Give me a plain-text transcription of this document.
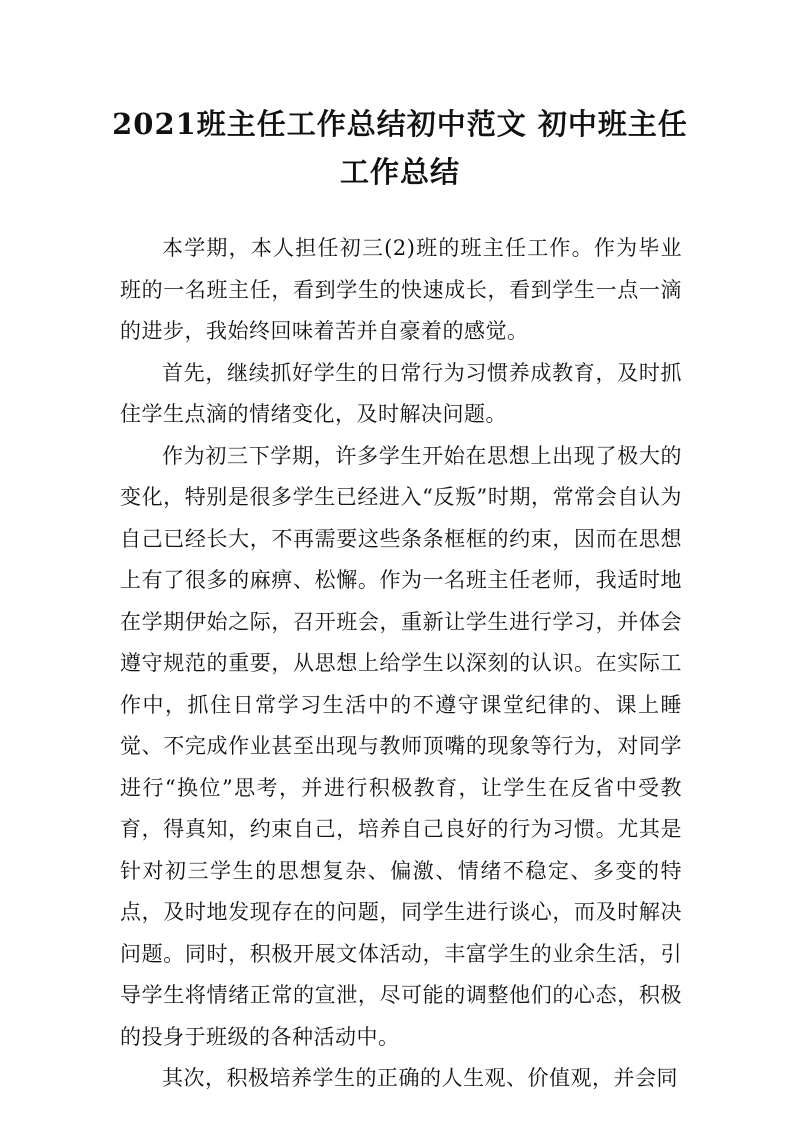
2021班主任工作总结初中范文 初中班主任
工作总结

本学期，本人担任初三(2)班的班主任工作。作为毕业班的一名班主任，看到学生的快速成长，看到学生一点一滴的进步，我始终回味着苦并自豪着的感觉。

首先，继续抓好学生的日常行为习惯养成教育，及时抓住学生点滴的情绪变化，及时解决问题。

作为初三下学期，许多学生开始在思想上出现了极大的变化，特别是很多学生已经进入“反叛”时期，常常会自认为自己已经长大，不再需要这些条条框框的约束，因而在思想上有了很多的麻痹、松懈。作为一名班主任老师，我适时地在学期伊始之际，召开班会，重新让学生进行学习，并体会遵守规范的重要，从思想上给学生以深刻的认识。在实际工作中，抓住日常学习生活中的不遵守课堂纪律的、课上睡觉、不完成作业甚至出现与教师顶嘴的现象等行为，对同学进行“换位”思考，并进行积极教育，让学生在反省中受教育，得真知，约束自己，培养自己良好的行为习惯。尤其是针对初三学生的思想复杂、偏激、情绪不稳定、多变的特点，及时地发现存在的问题，同学生进行谈心，而及时解决问题。同时，积极开展文体活动，丰富学生的业余生活，引导学生将情绪正常的宣泄，尽可能的调整他们的心态，积极的投身于班级的各种活动中。

其次，积极培养学生的正确的人生观、价值观，并会同
